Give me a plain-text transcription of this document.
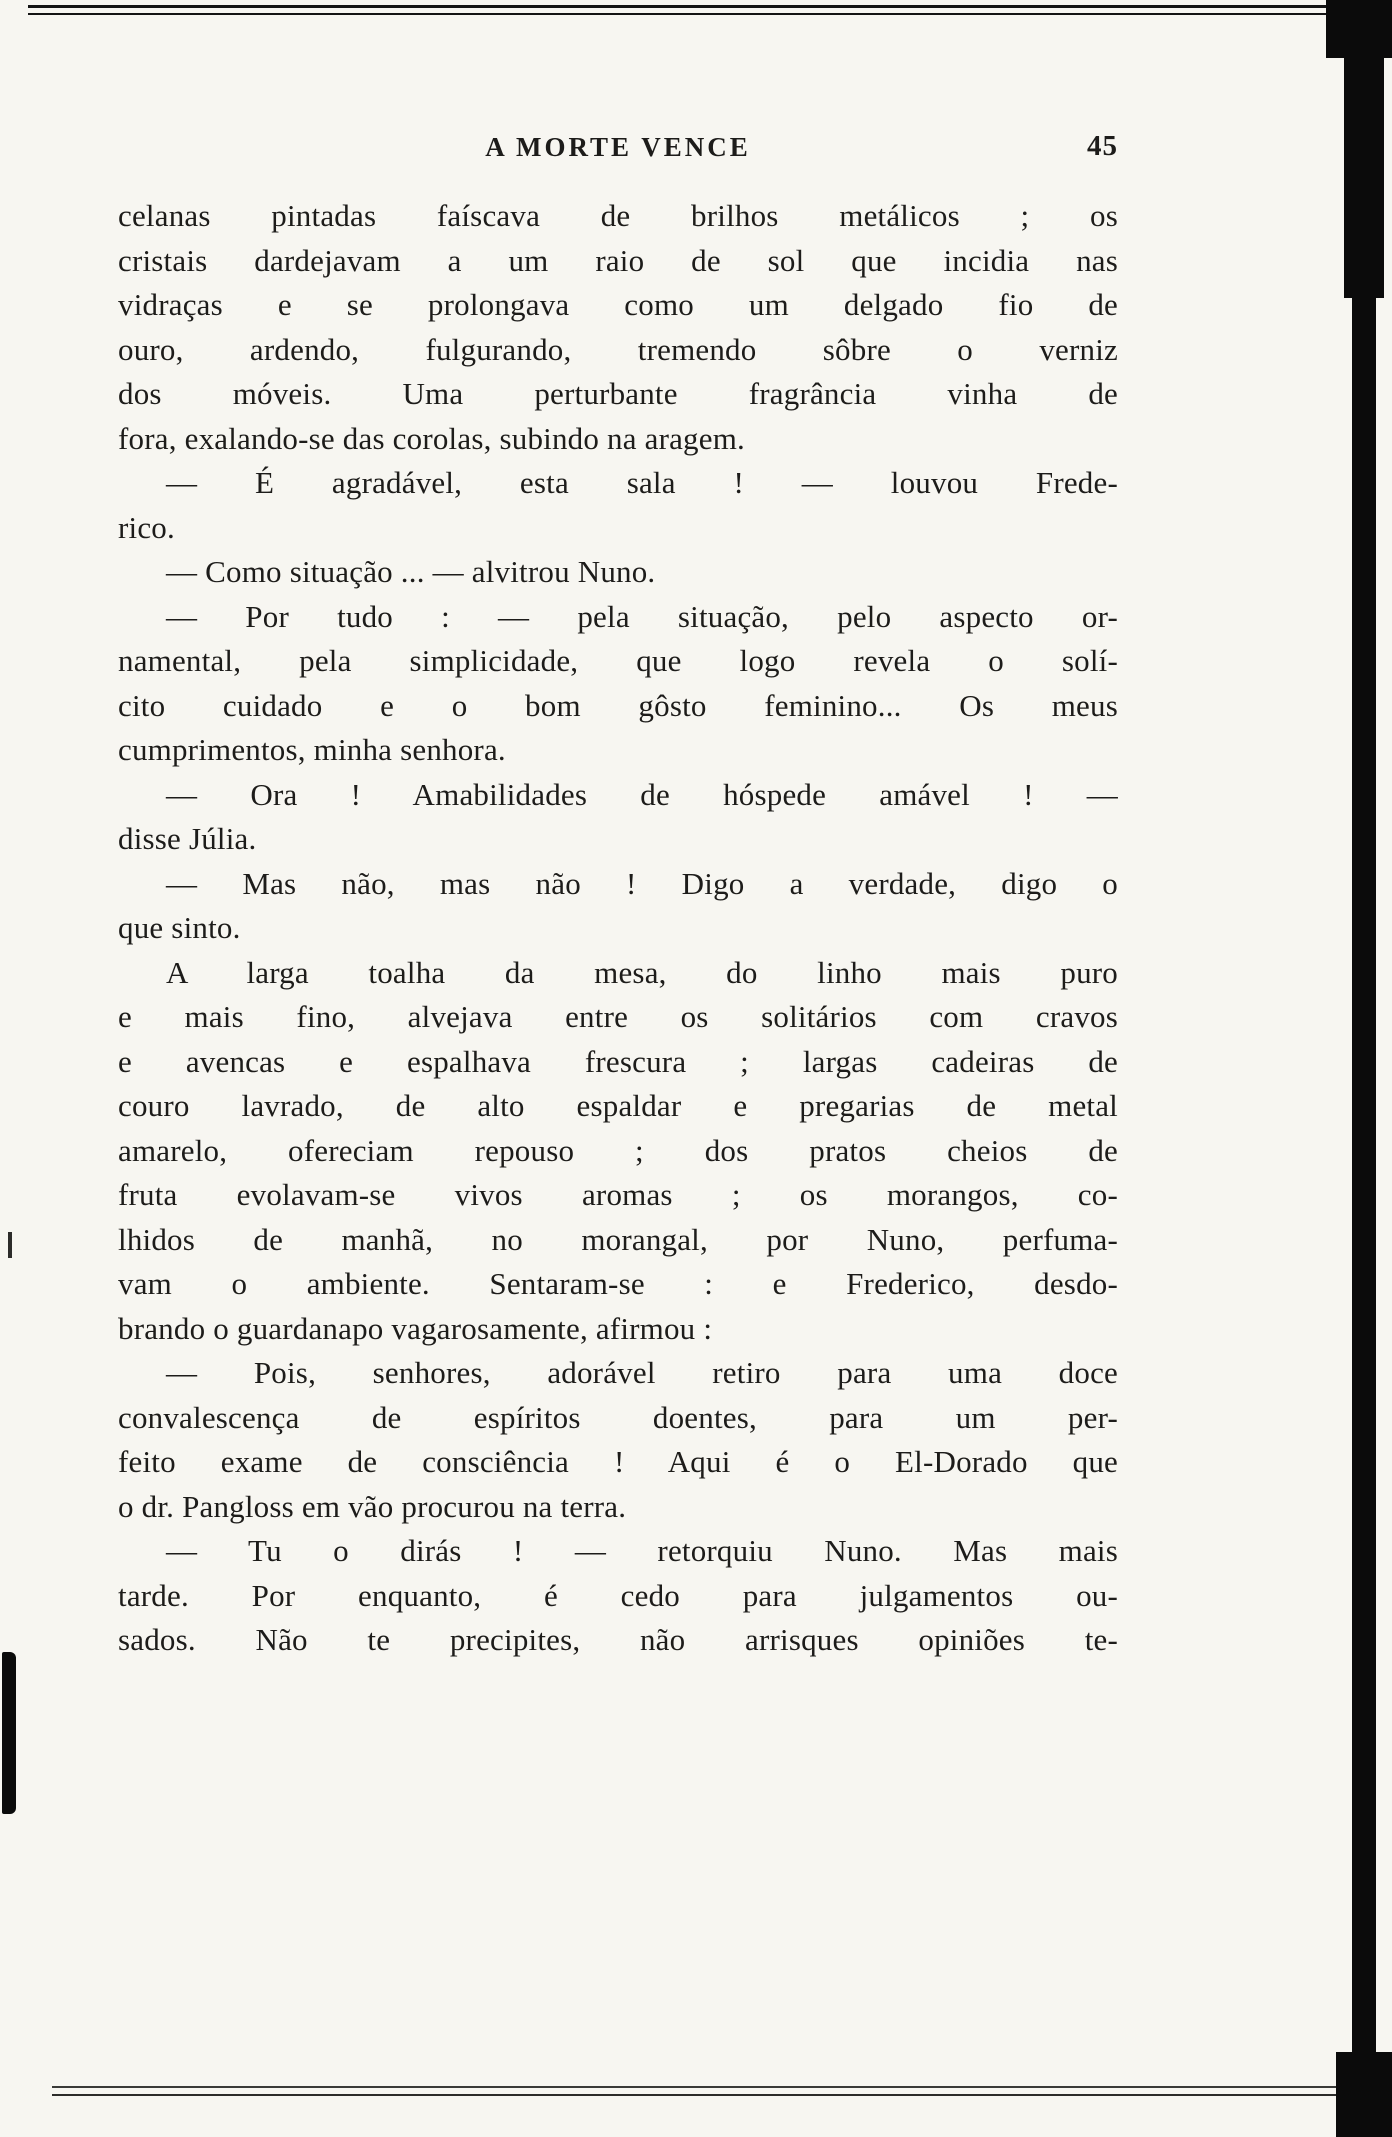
A MORTE VENCE	45
celanas pintadas faíscava de brilhos metálicos ; os
cristais dardejavam a um raio de sol que incidia nas
vidraças e se prolongava como um delgado fio de
ouro, ardendo, fulgurando, tremendo sôbre o verniz
dos móveis. Uma perturbante fragrância vinha de
fora, exalando-se das corolas, subindo na aragem.
— É agradável, esta sala ! — louvou Frede-
rico.
— Como situação ... — alvitrou Nuno.
— Por tudo : — pela situação, pelo aspecto or-
namental, pela simplicidade, que logo revela o solí-
cito cuidado e o bom gôsto feminino... Os meus
cumprimentos, minha senhora.
— Ora ! Amabilidades de hóspede amável ! —
disse Júlia.
— Mas não, mas não ! Digo a verdade, digo o
que sinto.
A larga toalha da mesa, do linho mais puro
e mais fino, alvejava entre os solitários com cravos
e avencas e espalhava frescura ; largas cadeiras de
couro lavrado, de alto espaldar e pregarias de metal
amarelo, ofereciam repouso ; dos pratos cheios de
fruta evolavam-se vivos aromas ; os morangos, co-
lhidos de manhã, no morangal, por Nuno, perfuma-
vam o ambiente. Sentaram-se : e Frederico, desdo-
brando o guardanapo vagarosamente, afirmou :
— Pois, senhores, adorável retiro para uma doce
convalescença de espíritos doentes, para um per-
feito exame de consciência ! Aqui é o El-Dorado que
o dr. Pangloss em vão procurou na terra.
— Tu o dirás ! — retorquiu Nuno. Mas mais
tarde. Por enquanto, é cedo para julgamentos ou-
sados. Não te precipites, não arrisques opiniões te-
